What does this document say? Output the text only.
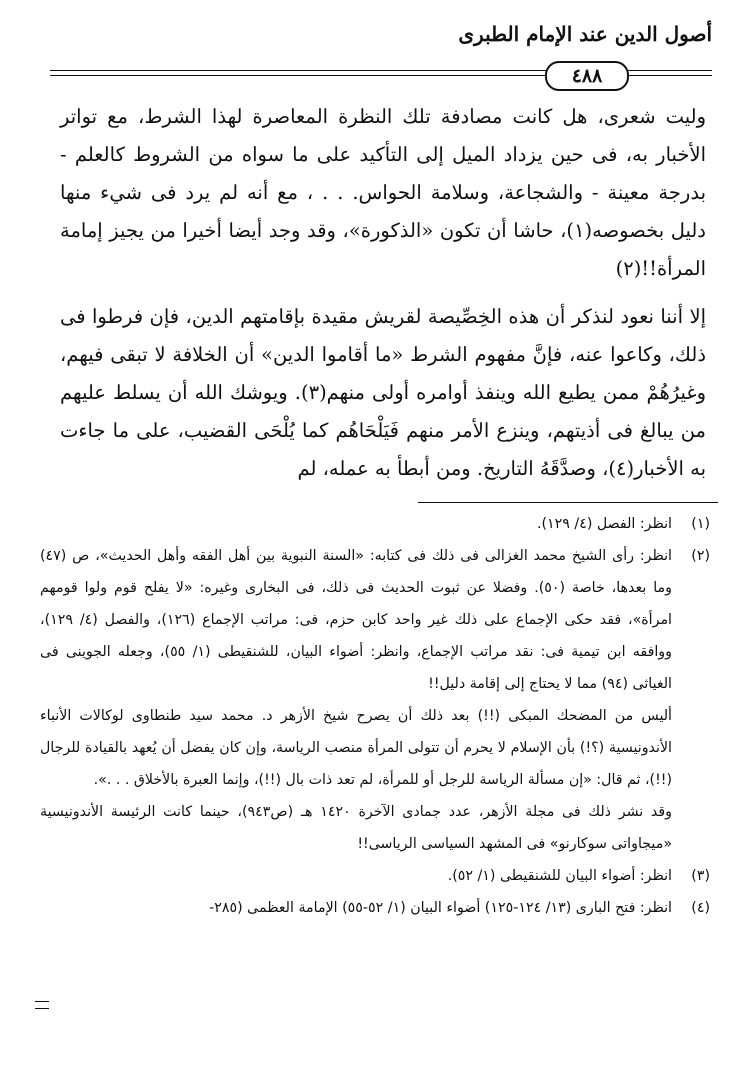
أصول الدين عند الإمام الطبرى
٤٨٨

وليت شعرى، هل كانت مصادفة تلك النظرة المعاصرة لهذا الشرط، مع تواتر الأخبار به، فى حين يزداد الميل إلى التأكيد على ما سواه من الشروط كالعلم - بدرجة معينة - والشجاعة، وسلامة الحواس. . . ، مع أنه لم يرد فى شيء منها دليل بخصوصه(١)، حاشا أن تكون «الذكورة»، وقد وجد أيضا أخيرا من يجيز إمامة المرأة!!(٢)

إلا أننا نعود لنذكر أن هذه الخِصِّيصة لقريش مقيدة بإقامتهم الدين، فإن فرطوا فى ذلك، وكاعوا عنه، فإنَّ مفهوم الشرط «ما أقاموا الدين» أن الخلافة لا تبقى فيهم، وغيرُهُمْ ممن يطيع الله وينفذ أوامره أولى منهم(٣). ويوشك الله أن يسلط عليهم من يبالغ فى أذيتهم، وينزع الأمر منهم فَيَلْحَاهُم كما يُلْحَى القضيب، على ما جاءت به الأخبار(٤)، وصدَّقَهُ التاريخ. ومن أبطأ به عمله، لم

(١)
انظر: الفصل (٤/ ١٢٩).
(٢)
انظر: رأى الشيخ محمد الغزالى فى ذلك فى كتابه: «السنة النبوية بين أهل الفقه وأهل الحديث»، ص (٤٧) وما بعدها، خاصة (٥٠). وفضلا عن ثبوت الحديث فى ذلك، فى البخارى وغيره: «لا يفلح قوم ولوا قومهم امرأة»، فقد حكى الإجماع على ذلك غير واحد كابن حزم، فى: مراتب الإجماع (١٢٦)، والفصل (٤/ ١٢٩)، ووافقه ابن تيمية فى: نقد مراتب الإجماع، وانظر: أضواء البيان، للشنقيطى (١/ ٥٥)، وجعله الجوينى فى الغياثى (٩٤) مما لا يحتاج إلى إقامة دليل!!
أليس من المضحك المبكى (!!) بعد ذلك أن يصرح شيخ الأزهر د. محمد سيد طنطاوى لوكالات الأنباء الأندونيسية (؟!) بأن الإسلام لا يحرم أن تتولى المرأة منصب الرياسة، وإن كان يفضل أن يُعهد بالقيادة للرجال (!!)، ثم قال: «إن مسألة الرياسة للرجل أو للمرأة، لم تعد ذات بال (!!)، وإنما العبرة بالأخلاق . . .».
وقد نشر ذلك فى مجلة الأزهر، عدد جمادى الآخرة ١٤٢٠ هـ (ص٩٤٣)، حينما كانت الرئيسة الأندونيسية «ميجاواتى سوكارنو» فى المشهد السياسى الرياسى!!
(٣)
انظر: أضواء البيان للشنقيطى (١/ ٥٢).
(٤)
انظر: فتح البارى (١٣/ ١٢٤-١٢٥) أضواء البيان (١/ ٥٢-٥٥) الإمامة العظمى (٢٨٥-
